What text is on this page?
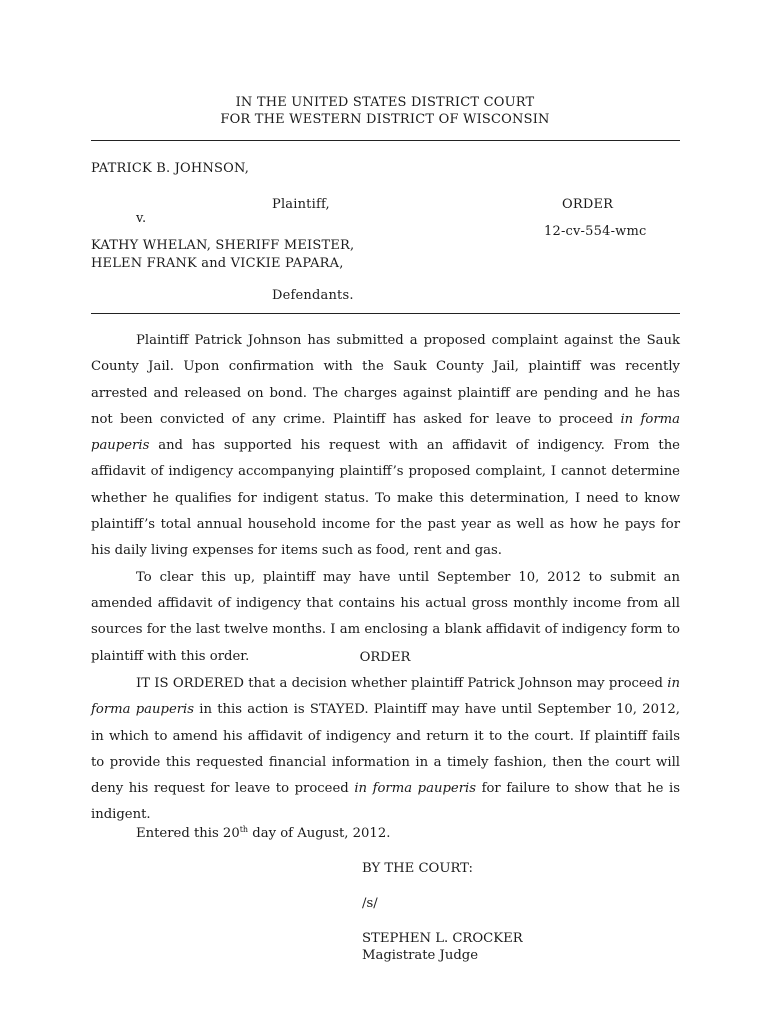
IN THE UNITED STATES DISTRICT COURT
FOR THE WESTERN DISTRICT OF WISCONSIN
PATRICK B. JOHNSON,
Plaintiff,
v.
KATHY WHELAN, SHERIFF MEISTER,
HELEN FRANK and VICKIE PAPARA,
Defendants.
ORDER
12-cv-554-wmc

Plaintiff Patrick Johnson has submitted a proposed complaint against the Sauk County Jail. Upon confirmation with the Sauk County Jail, plaintiff was recently arrested and released on bond. The charges against plaintiff are pending and he has not been convicted of any crime. Plaintiff has asked for leave to proceed in forma pauperis and has supported his request with an affidavit of indigency. From the affidavit of indigency accompanying plaintiff’s proposed complaint, I cannot determine whether he qualifies for indigent status. To make this determination, I need to know plaintiff’s total annual household income for the past year as well as how he pays for his daily living expenses for items such as food, rent and gas.

To clear this up, plaintiff may have until September 10, 2012 to submit an amended affidavit of indigency that contains his actual gross monthly income from all sources for the last twelve months. I am enclosing a blank affidavit of indigency form to plaintiff with this order.	ORDER

IT IS ORDERED that a decision whether plaintiff Patrick Johnson may proceed in forma pauperis in this action is STAYED. Plaintiff may have until September 10, 2012, in which to amend his affidavit of indigency and return it to the court. If plaintiff fails to provide this requested financial information in a timely fashion, then the court will deny his request for leave to proceed in forma pauperis for failure to show that he is indigent.

Entered this 20th day of August, 2012.
BY THE COURT:
/s/
STEPHEN L. CROCKER
Magistrate Judge
